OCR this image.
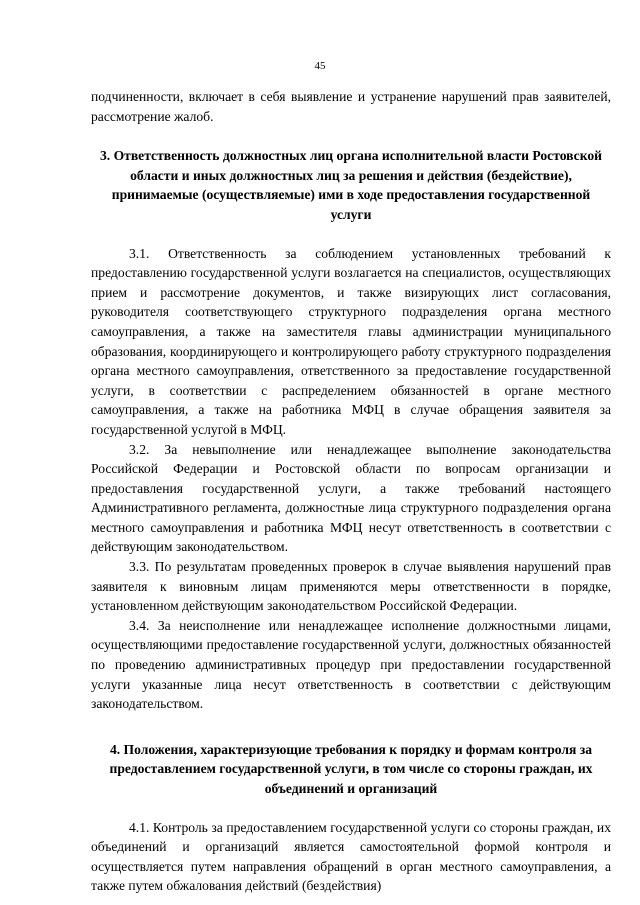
45

подчиненности, включает в себя выявление и устранение нарушений прав заявителей, рассмотрение жалоб.

3. Ответственность должностных лиц органа исполнительной власти Ростовской области и иных должностных лиц за решения и действия (бездействие), принимаемые (осуществляемые) ими в ходе предоставления государственной услуги

3.1. Ответственность за соблюдением установленных требований к предоставлению государственной услуги возлагается на специалистов, осуществляющих прием и рассмотрение документов, и также визирующих лист согласования, руководителя соответствующего структурного подразделения органа местного самоуправления, а также на заместителя главы администрации муниципального образования, координирующего и контролирующего работу структурного подразделения органа местного самоуправления, ответственного за предоставление государственной услуги, в соответствии с распределением обязанностей в органе местного самоуправления, а также на работника МФЦ в случае обращения заявителя за государственной услугой в МФЦ.

3.2. За невыполнение или ненадлежащее выполнение законодательства Российской Федерации и Ростовской области по вопросам организации и предоставления государственной услуги, а также требований настоящего Административного регламента, должностные лица структурного подразделения органа местного самоуправления и работника МФЦ несут ответственность в соответствии с действующим законодательством.

3.3. По результатам проведенных проверок в случае выявления нарушений прав заявителя к виновным лицам применяются меры ответственности в порядке, установленном действующим законодательством Российской Федерации.

3.4. За неисполнение или ненадлежащее исполнение должностными лицами, осуществляющими предоставление государственной услуги, должностных обязанностей по проведению административных процедур при предоставлении государственной услуги указанные лица несут ответственность в соответствии с действующим законодательством.

4. Положения, характеризующие требования к порядку и формам контроля за предоставлением государственной услуги, в том числе со стороны граждан, их объединений и организаций

4.1. Контроль за предоставлением государственной услуги со стороны граждан, их объединений и организаций является самостоятельной формой контроля и осуществляется путем направления обращений в орган местного самоуправления, а также путем обжалования действий (бездействия)
